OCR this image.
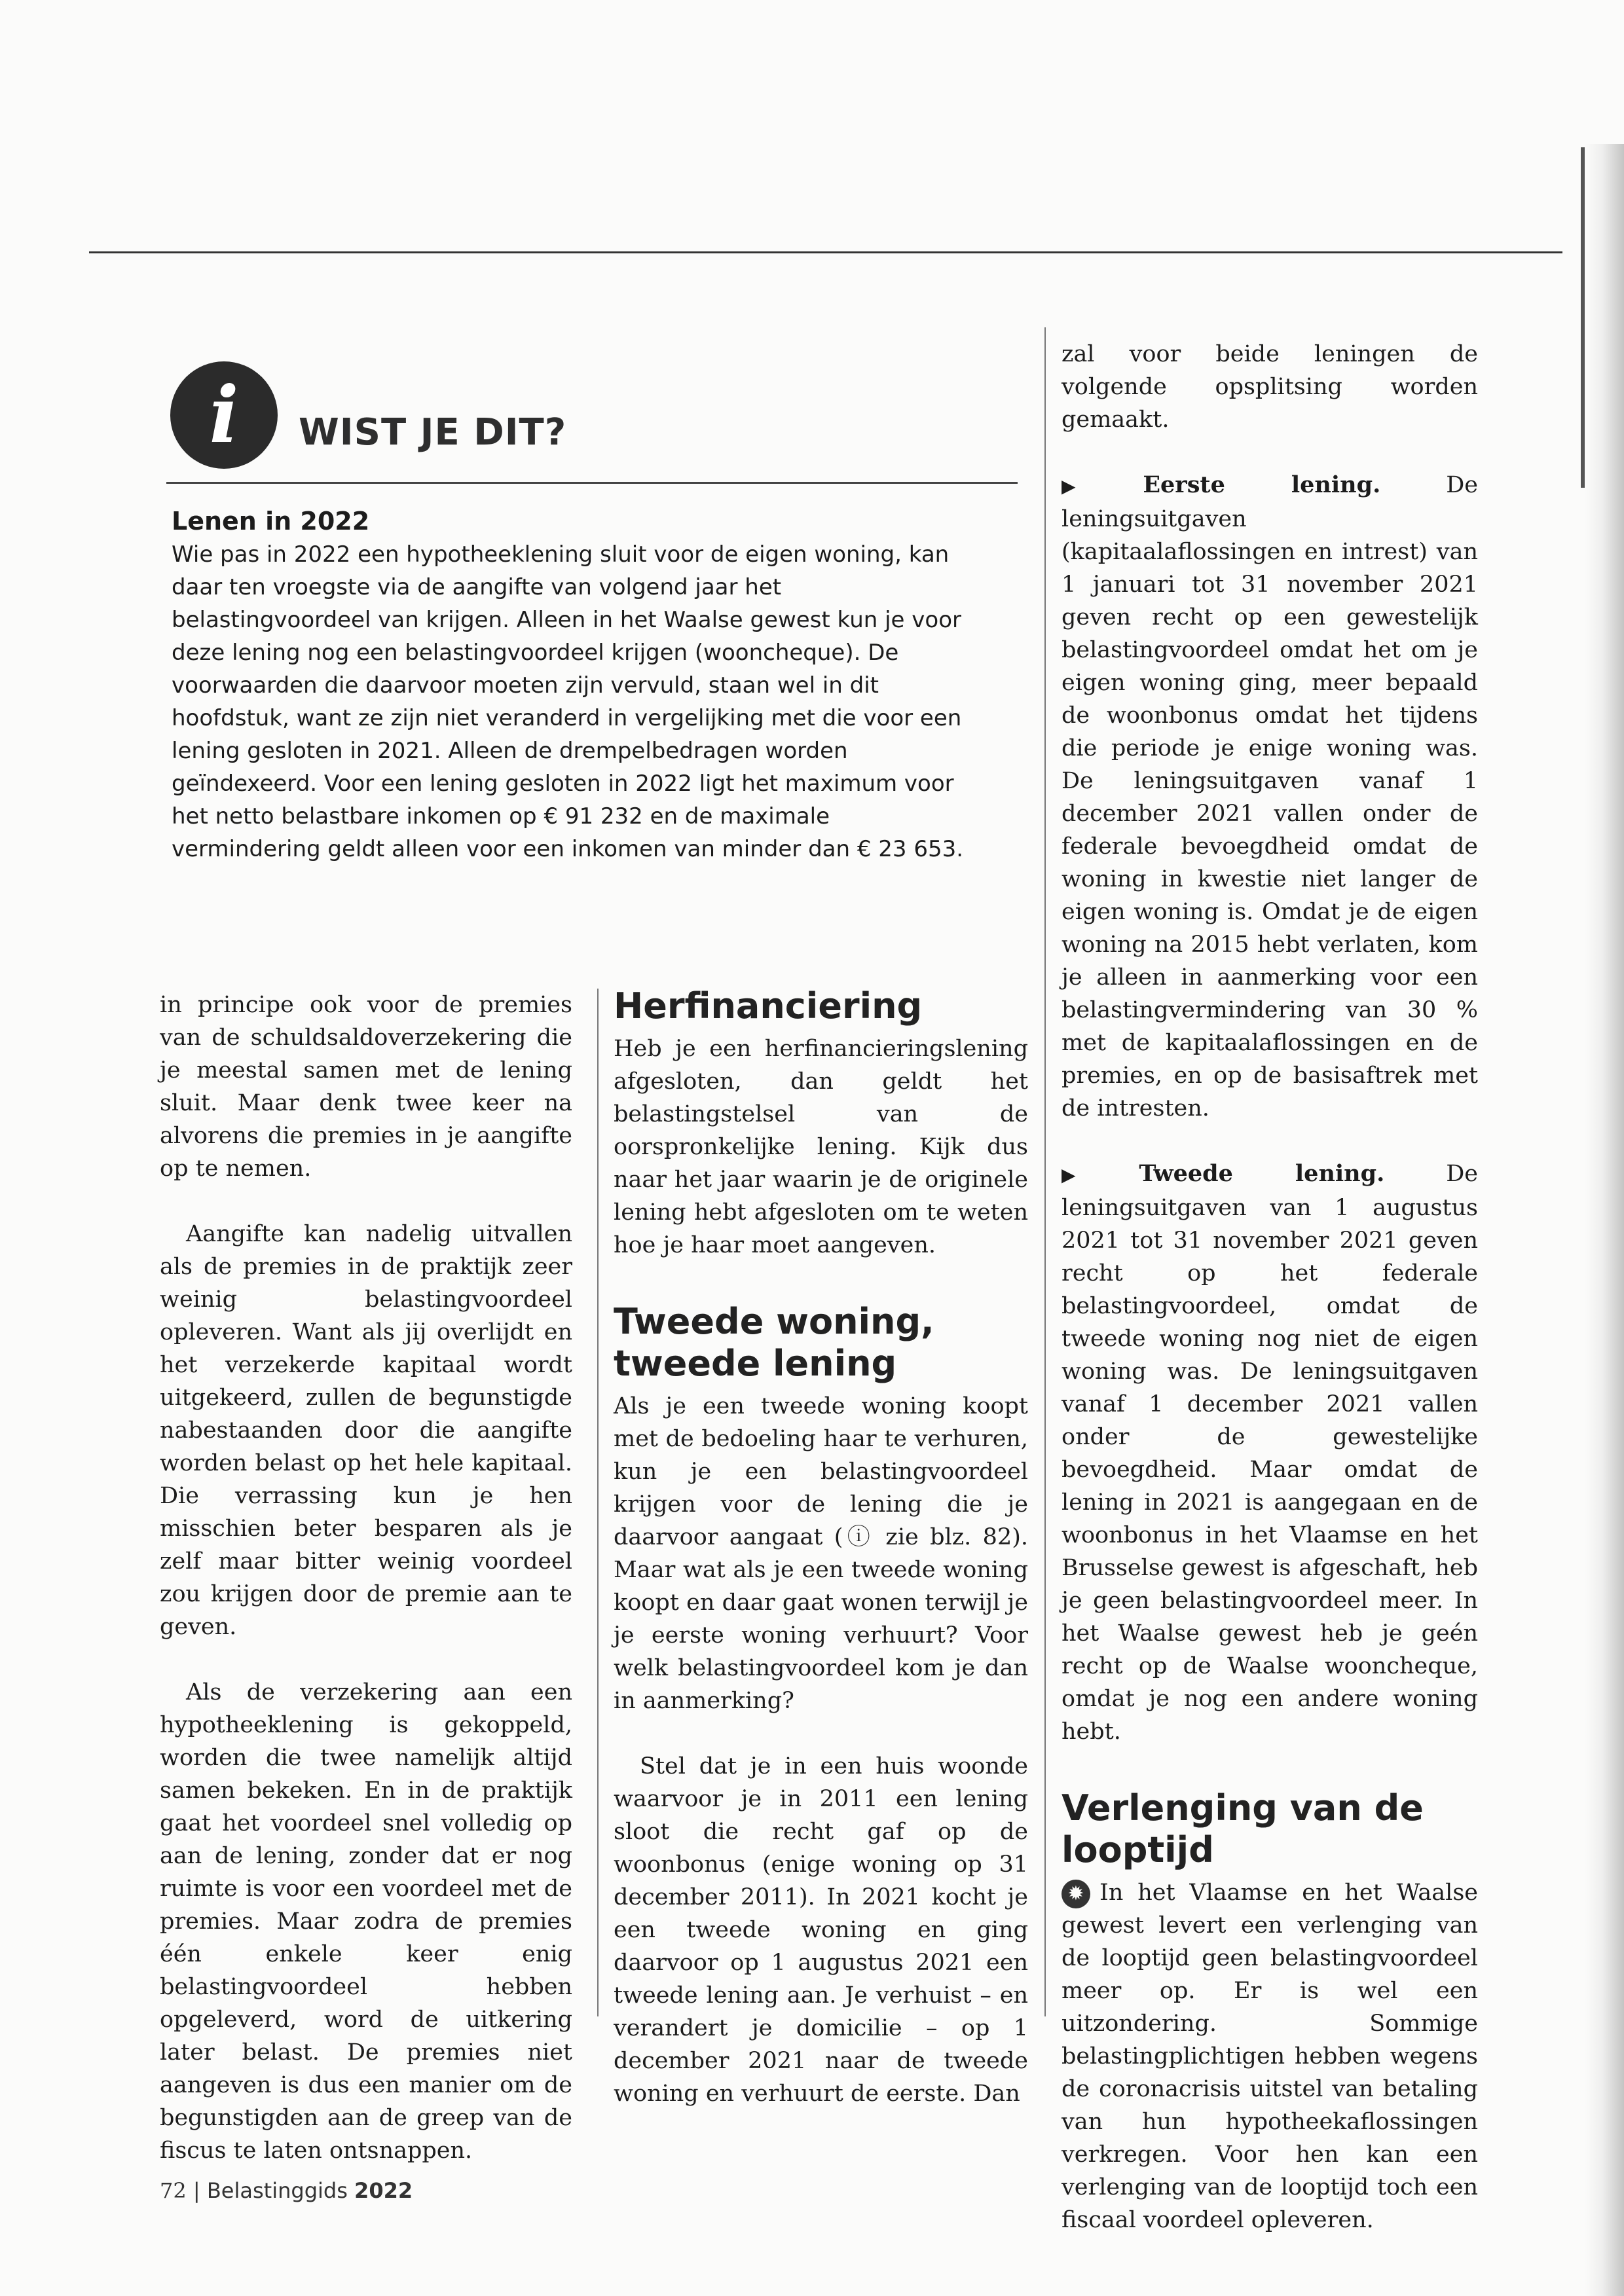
i	WIST JE DIT?

Lenen in 2022

Wie pas in 2022 een hypotheeklening sluit voor de eigen woning, kan daar ten vroegste via de aangifte van volgend jaar het belastingvoordeel van krijgen. Alleen in het Waalse gewest kun je voor deze lening nog een belastingvoordeel krijgen (wooncheque). De voorwaarden die daarvoor moeten zijn vervuld, staan wel in dit hoofdstuk, want ze zijn niet veranderd in vergelijking met die voor een lening gesloten in 2021. Alleen de drempelbedragen worden geïndexeerd. Voor een lening gesloten in 2022 ligt het maximum voor het netto belastbare inkomen op € 91 232 en de maximale vermindering geldt alleen voor een inkomen van minder dan € 23 653.

in principe ook voor de premies van de schuldsaldoverzekering die je meestal samen met de lening sluit. Maar denk twee keer na alvorens die premies in je aangifte op te nemen.

Aangifte kan nadelig uitvallen als de premies in de praktijk zeer weinig belastingvoordeel opleveren. Want als jij overlijdt en het verzekerde kapitaal wordt uitgekeerd, zullen de begunstigde nabestaanden door die aangifte worden belast op het hele kapitaal. Die verrassing kun je hen misschien beter besparen als je zelf maar bitter weinig voordeel zou krijgen door de premie aan te geven.

Als de verzekering aan een hypotheeklening is gekoppeld, worden die twee namelijk altijd samen bekeken. En in de praktijk gaat het voordeel snel volledig op aan de lening, zonder dat er nog ruimte is voor een voordeel met de premies. Maar zodra de premies één enkele keer enig belastingvoordeel hebben opgeleverd, word de uitkering later belast. De premies niet aangeven is dus een manier om de begunstigden aan de greep van de fiscus te laten ontsnappen.

Herfinanciering

Heb je een herfinancieringslening afgesloten, dan geldt het belastingstelsel van de oorspronkelijke lening. Kijk dus naar het jaar waarin je de originele lening hebt afgesloten om te weten hoe je haar moet aangeven.

Tweede woning, tweede lening

Als je een tweede woning koopt met de bedoeling haar te verhuren, kun je een belastingvoordeel krijgen voor de lening die je daarvoor aangaat (ⓘ zie blz. 82). Maar wat als je een tweede woning koopt en daar gaat wonen terwijl je je eerste woning verhuurt? Voor welk belastingvoordeel kom je dan in aanmerking?

Stel dat je in een huis woonde waarvoor je in 2011 een lening sloot die recht gaf op de woonbonus (enige woning op 31 december 2011). In 2021 kocht je een tweede woning en ging daarvoor op 1 augustus 2021 een tweede lening aan. Je verhuist – en verandert je domicilie – op 1 december 2021 naar de tweede woning en verhuurt de eerste. Dan

zal voor beide leningen de volgende opsplitsing worden gemaakt.

▶ Eerste lening.	De leningsuitgaven (kapitaalaflossingen en intrest) van 1 januari tot 31 november 2021 geven recht op een gewestelijk belastingvoordeel omdat het om je eigen woning ging, meer bepaald de woonbonus omdat het tijdens die periode je enige woning was. De leningsuitgaven vanaf 1 december 2021 vallen onder de federale bevoegdheid omdat de woning in kwestie niet langer de eigen woning is. Omdat je de eigen woning na 2015 hebt verlaten, kom je alleen in aanmerking voor een belastingvermindering van 30 % met de kapitaalaflossingen en de premies, en op de basisaftrek met de intresten.

▶ Tweede lening.	De leningsuitgaven van 1 augustus 2021 tot 31 november 2021 geven recht op het federale belastingvoordeel, omdat de tweede woning nog niet de eigen woning was. De leningsuitgaven vanaf 1 december 2021 vallen onder de gewestelijke bevoegdheid. Maar omdat de lening in 2021 is aangegaan en de woonbonus in het Vlaamse en het Brusselse gewest is afgeschaft, heb je geen belastingvoordeel meer. In het Waalse gewest heb je geén recht op de Waalse wooncheque, omdat je nog een andere woning hebt.

Verlenging van de looptijd

✹ In het Vlaamse en het Waalse gewest levert een verlenging van de looptijd geen belastingvoordeel meer op. Er is wel een uitzondering. Sommige belastingplichtigen hebben wegens de coronacrisis uitstel van betaling van hun hypotheekaflossingen verkregen. Voor hen kan een verlenging van de looptijd toch een fiscaal voordeel opleveren.

72 | Belastinggids 2022
